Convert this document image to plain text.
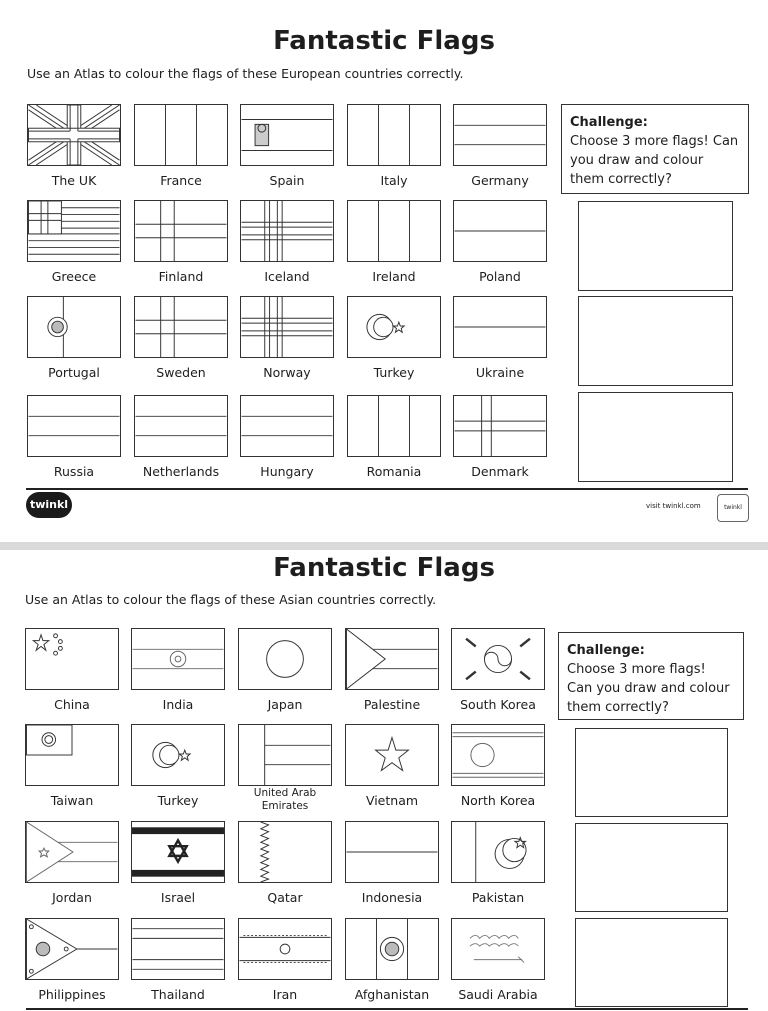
Fantastic Flags
Use an Atlas to colour the flags of these European countries correctly.
The UK	France	Spain	Italy	Germany
Greece	Finland	Iceland	Ireland	Poland
Portugal	Sweden	Norway	Turkey	Ukraine
Russia	Netherlands	Hungary	Romania	Denmark
Challenge:
Choose 3 more flags! Can you draw and colour them correctly?
twinkl	visit twinkl.com	twinkl
Fantastic Flags
Use an Atlas to colour the flags of these Asian countries correctly.
China	India	Japan	Palestine	South Korea
Taiwan	Turkey	United Arab Emirates	Vietnam	North Korea
Jordan	Israel	Qatar	Indonesia	Pakistan
Philippines	Thailand	Iran	Afghanistan	Saudi Arabia
Challenge:
Choose 3 more flags! Can you draw and colour them correctly?
